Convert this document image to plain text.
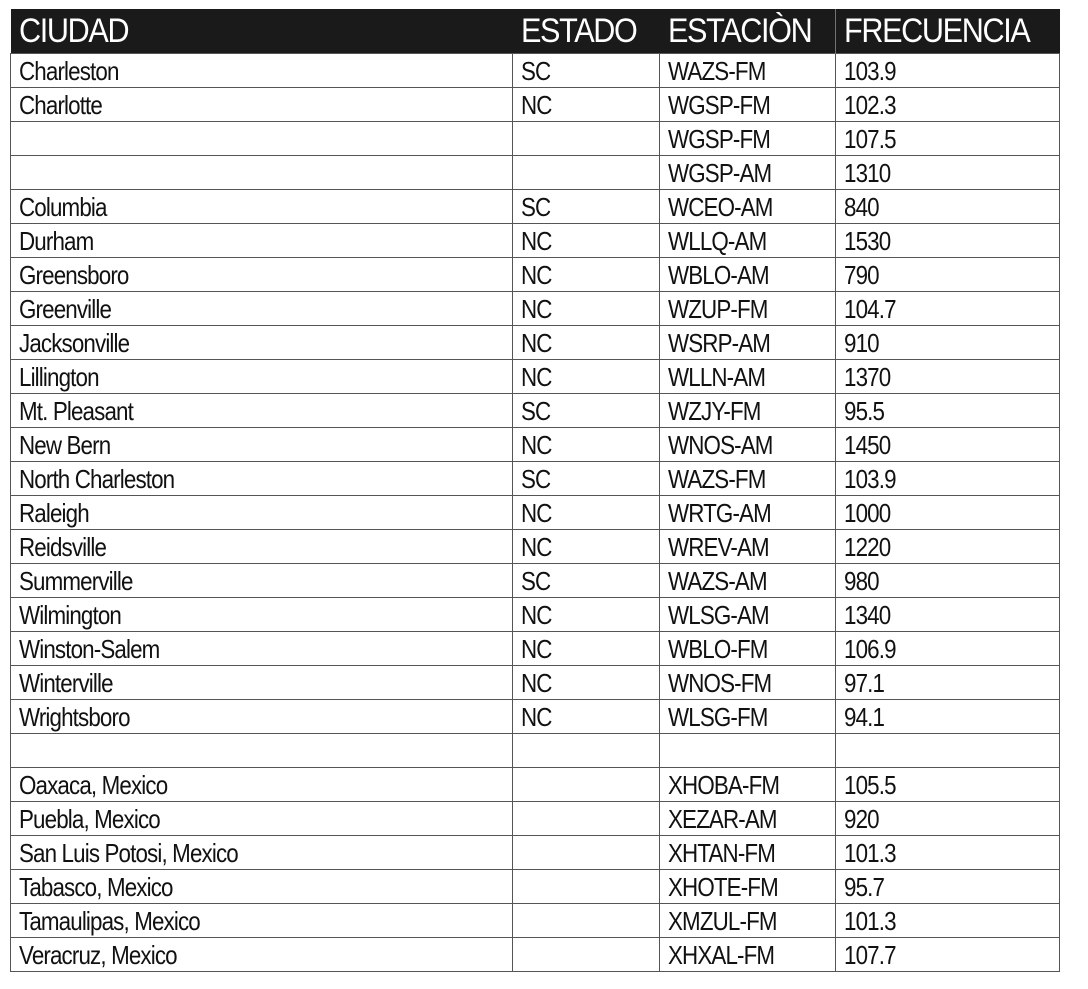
CIUDAD	ESTADO	ESTACIÒN	FRECUENCIA
Charleston	SC	WAZS-FM	103.9
Charlotte	NC	WGSP-FM	102.3
		WGSP-FM	107.5
		WGSP-AM	1310
Columbia	SC	WCEO-AM	840
Durham	NC	WLLQ-AM	1530
Greensboro	NC	WBLO-AM	790
Greenville	NC	WZUP-FM	104.7
Jacksonville	NC	WSRP-AM	910
Lillington	NC	WLLN-AM	1370
Mt. Pleasant	SC	WZJY-FM	95.5
New Bern	NC	WNOS-AM	1450
North Charleston	SC	WAZS-FM	103.9
Raleigh	NC	WRTG-AM	1000
Reidsville	NC	WREV-AM	1220
Summerville	SC	WAZS-AM	980
Wilmington	NC	WLSG-AM	1340
Winston-Salem	NC	WBLO-FM	106.9
Winterville	NC	WNOS-FM	97.1
Wrightsboro	NC	WLSG-FM	94.1

Oaxaca, Mexico		XHOBA-FM	105.5
Puebla, Mexico		XEZAR-AM	920
San Luis Potosi, Mexico		XHTAN-FM	101.3
Tabasco, Mexico		XHOTE-FM	95.7
Tamaulipas, Mexico		XMZUL-FM	101.3
Veracruz, Mexico		XHXAL-FM	107.7
